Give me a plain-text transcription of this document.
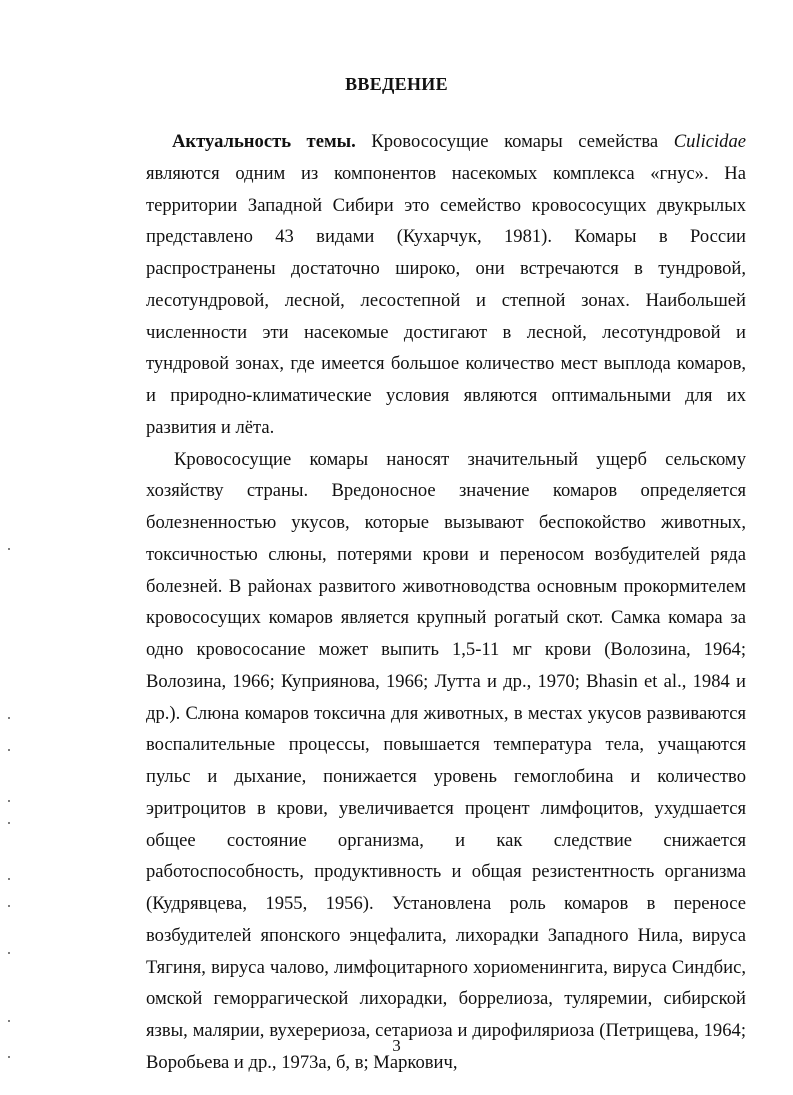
ВВЕДЕНИЕ

Актуальность темы. Кровососущие комары семейства Culicidae являются одним из компонентов насекомых комплекса «гнус». На территории Западной Сибири это семейство кровососущих двукрылых представлено 43 видами (Кухарчук, 1981). Комары в России распространены достаточно широко, они встречаются в тундровой, лесотундровой, лесной, лесостепной и степной зонах. Наибольшей численности эти насекомые достигают в лесной, лесотундровой и тундровой зонах, где имеется большое количество мест выплода комаров, и природно-климатические условия являются оптимальными для их развития и лёта.

Кровососущие комары наносят значительный ущерб сельскому хозяйству страны. Вредоносное значение комаров определяется болезненностью укусов, которые вызывают беспокойство животных, токсичностью слюны, потерями крови и переносом возбудителей ряда болезней. В районах развитого животноводства основным прокормителем кровососущих комаров является крупный рогатый скот. Самка комара за одно кровососание может выпить 1,5-11 мг крови (Волозина, 1964; Волозина, 1966; Куприянова, 1966; Лутта и др., 1970; Bhasin et al., 1984 и др.). Слюна комаров токсична для животных, в местах укусов развиваются воспалительные процессы, повышается температура тела, учащаются пульс и дыхание, понижается уровень гемоглобина и количество эритроцитов в крови, увеличивается процент лимфоцитов, ухудшается общее состояние организма, и как следствие снижается работоспособность, продуктивность и общая резистентность организма (Кудрявцева, 1955, 1956). Установлена роль комаров в переносе возбудителей японского энцефалита, лихорадки Западного Нила, вируса Тягиня, вируса чалово, лимфоцитарного хориоменингита, вируса Синдбис, омской геморрагической лихорадки, боррелиоза, туляремии, сибирской язвы, малярии, вухерериоза, сетариоза и дирофиляриоза (Петрищева, 1964; Воробьева и др., 1973а, б, в; Маркович,

3
